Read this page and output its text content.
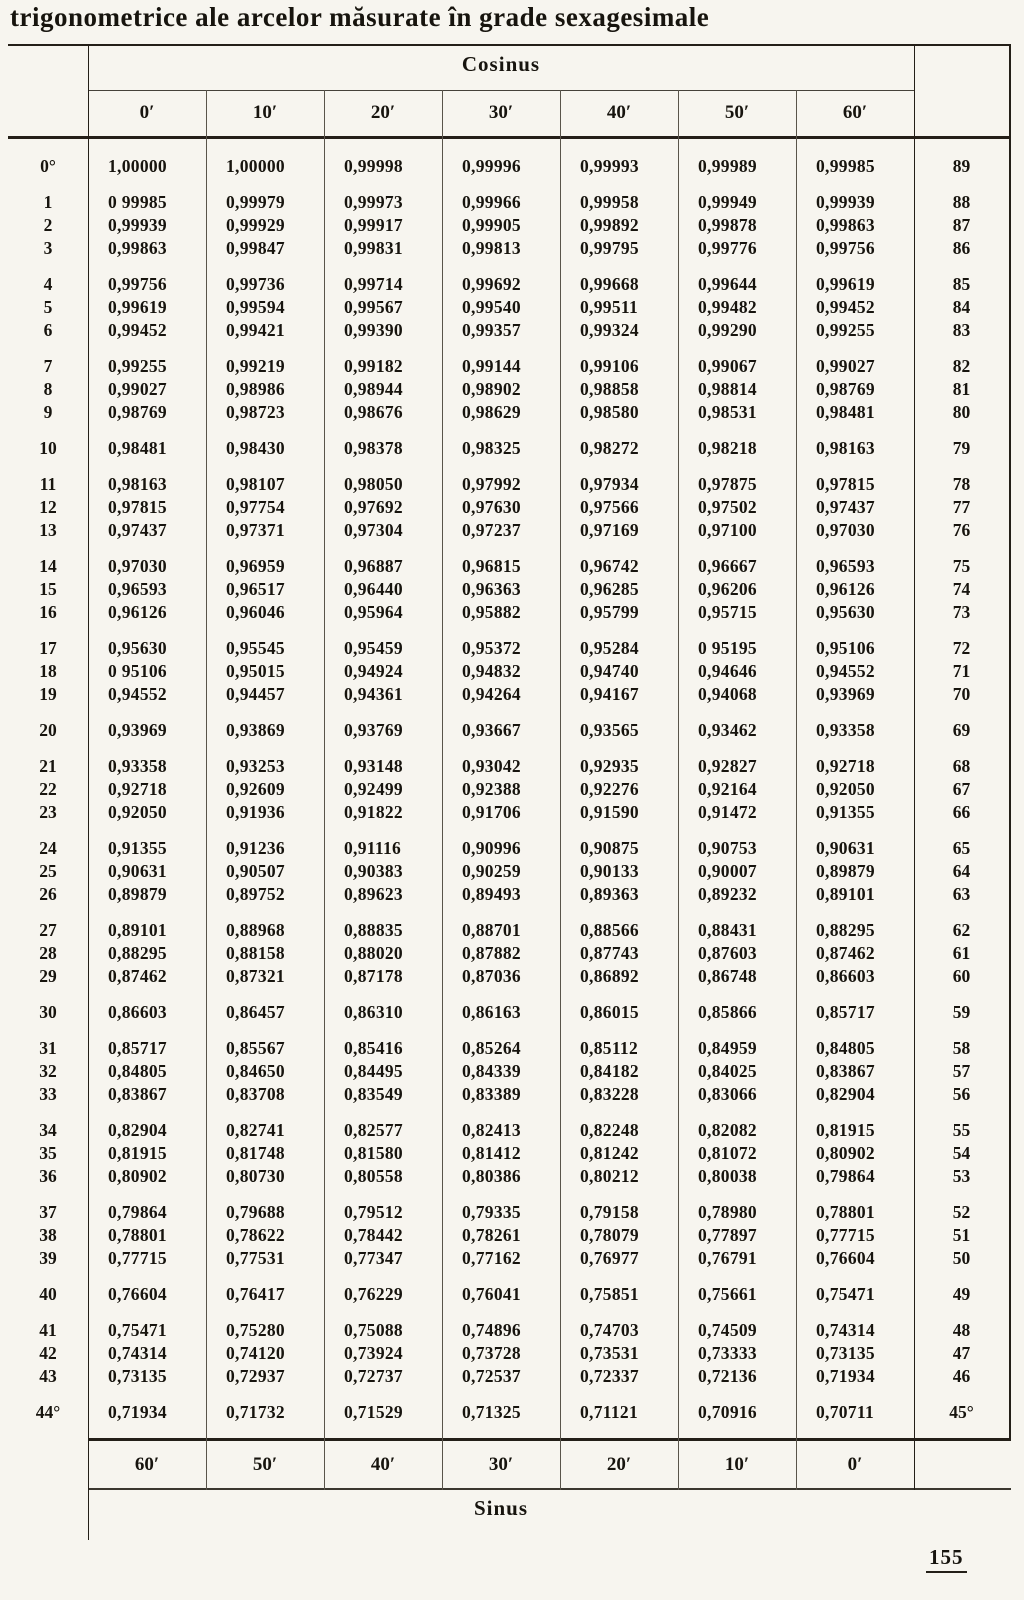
trigonometrice ale arcelor măsurate în grade sexagesimale
Cosinus
0′	10′	20′	30′	40′	50′	60′
0°	1,00000	1,00000	0,99998	0,99996	0,99993	0,99989	0,99985	89
1	0 99985	0,99979	0,99973	0,99966	0,99958	0,99949	0,99939	88
2	0,99939	0,99929	0,99917	0,99905	0,99892	0,99878	0,99863	87
3	0,99863	0,99847	0,99831	0,99813	0,99795	0,99776	0,99756	86
4	0,99756	0,99736	0,99714	0,99692	0,99668	0,99644	0,99619	85
5	0,99619	0,99594	0,99567	0,99540	0,99511	0,99482	0,99452	84
6	0,99452	0,99421	0,99390	0,99357	0,99324	0,99290	0,99255	83
7	0,99255	0,99219	0,99182	0,99144	0,99106	0,99067	0,99027	82
8	0,99027	0,98986	0,98944	0,98902	0,98858	0,98814	0,98769	81
9	0,98769	0,98723	0,98676	0,98629	0,98580	0,98531	0,98481	80
10	0,98481	0,98430	0,98378	0,98325	0,98272	0,98218	0,98163	79
11	0,98163	0,98107	0,98050	0,97992	0,97934	0,97875	0,97815	78
12	0,97815	0,97754	0,97692	0,97630	0,97566	0,97502	0,97437	77
13	0,97437	0,97371	0,97304	0,97237	0,97169	0,97100	0,97030	76
14	0,97030	0,96959	0,96887	0,96815	0,96742	0,96667	0,96593	75
15	0,96593	0,96517	0,96440	0,96363	0,96285	0,96206	0,96126	74
16	0,96126	0,96046	0,95964	0,95882	0,95799	0,95715	0,95630	73
17	0,95630	0,95545	0,95459	0,95372	0,95284	0 95195	0,95106	72
18	0 95106	0,95015	0,94924	0,94832	0,94740	0,94646	0,94552	71
19	0,94552	0,94457	0,94361	0,94264	0,94167	0,94068	0,93969	70
20	0,93969	0,93869	0,93769	0,93667	0,93565	0,93462	0,93358	69
21	0,93358	0,93253	0,93148	0,93042	0,92935	0,92827	0,92718	68
22	0,92718	0,92609	0,92499	0,92388	0,92276	0,92164	0,92050	67
23	0,92050	0,91936	0,91822	0,91706	0,91590	0,91472	0,91355	66
24	0,91355	0,91236	0,91116	0,90996	0,90875	0,90753	0,90631	65
25	0,90631	0,90507	0,90383	0,90259	0,90133	0,90007	0,89879	64
26	0,89879	0,89752	0,89623	0,89493	0,89363	0,89232	0,89101	63
27	0,89101	0,88968	0,88835	0,88701	0,88566	0,88431	0,88295	62
28	0,88295	0,88158	0,88020	0,87882	0,87743	0,87603	0,87462	61
29	0,87462	0,87321	0,87178	0,87036	0,86892	0,86748	0,86603	60
30	0,86603	0,86457	0,86310	0,86163	0,86015	0,85866	0,85717	59
31	0,85717	0,85567	0,85416	0,85264	0,85112	0,84959	0,84805	58
32	0,84805	0,84650	0,84495	0,84339	0,84182	0,84025	0,83867	57
33	0,83867	0,83708	0,83549	0,83389	0,83228	0,83066	0,82904	56
34	0,82904	0,82741	0,82577	0,82413	0,82248	0,82082	0,81915	55
35	0,81915	0,81748	0,81580	0,81412	0,81242	0,81072	0,80902	54
36	0,80902	0,80730	0,80558	0,80386	0,80212	0,80038	0,79864	53
37	0,79864	0,79688	0,79512	0,79335	0,79158	0,78980	0,78801	52
38	0,78801	0,78622	0,78442	0,78261	0,78079	0,77897	0,77715	51
39	0,77715	0,77531	0,77347	0,77162	0,76977	0,76791	0,76604	50
40	0,76604	0,76417	0,76229	0,76041	0,75851	0,75661	0,75471	49
41	0,75471	0,75280	0,75088	0,74896	0,74703	0,74509	0,74314	48
42	0,74314	0,74120	0,73924	0,73728	0,73531	0,73333	0,73135	47
43	0,73135	0,72937	0,72737	0,72537	0,72337	0,72136	0,71934	46
44°	0,71934	0,71732	0,71529	0,71325	0,71121	0,70916	0,70711	45°
60′	50′	40′	30′	20′	10′	0′
Sinus
155
